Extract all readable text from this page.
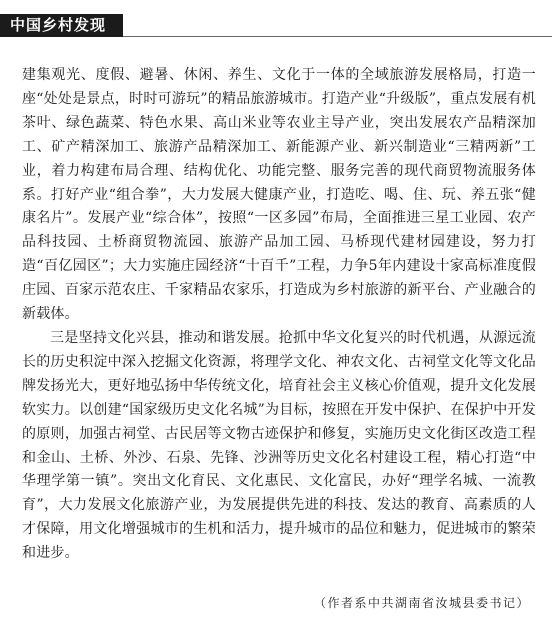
中国乡村发现

建集观光、度假、避暑、休闲、养生、文化于一体的全域旅游发展格局，打造一座“处处是景点，时时可游玩”的精品旅游城市。打造产业“升级版”，重点发展有机茶叶、绿色蔬菜、特色水果、高山米业等农业主导产业，突出发展农产品精深加工、矿产精深加工、旅游产品精深加工、新能源产业、新兴制造业“三精两新”工业，着力构建布局合理、结构优化、功能完整、服务完善的现代商贸物流服务体系。打好产业“组合拳”，大力发展大健康产业，打造吃、喝、住、玩、养五张“健康名片”。发展产业“综合体”，按照“一区多园”布局，全面推进三星工业园、农产品科技园、土桥商贸物流园、旅游产品加工园、马桥现代建材园建设，努力打造“百亿园区”；大力实施庄园经济“十百千”工程，力争5年内建设十家高标准度假庄园、百家示范农庄、千家精品农家乐，打造成为乡村旅游的新平台、产业融合的新载体。

三是坚持文化兴县，推动和谐发展。抢抓中华文化复兴的时代机遇，从源远流长的历史积淀中深入挖掘文化资源，将理学文化、神农文化、古祠堂文化等文化品牌发扬光大，更好地弘扬中华传统文化，培育社会主义核心价值观，提升文化发展软实力。以创建“国家级历史文化名城”为目标，按照在开发中保护、在保护中开发的原则，加强古祠堂、古民居等文物古迹保护和修复，实施历史文化街区改造工程和金山、土桥、外沙、石泉、先锋、沙洲等历史文化名村建设工程，精心打造“中华理学第一镇”。突出文化育民、文化惠民、文化富民，办好“理学名城、一流教育”，大力发展文化旅游产业，为发展提供先进的科技、发达的教育、高素质的人才保障，用文化增强城市的生机和活力，提升城市的品位和魅力，促进城市的繁荣和进步。

（作者系中共湖南省汝城县委书记）
